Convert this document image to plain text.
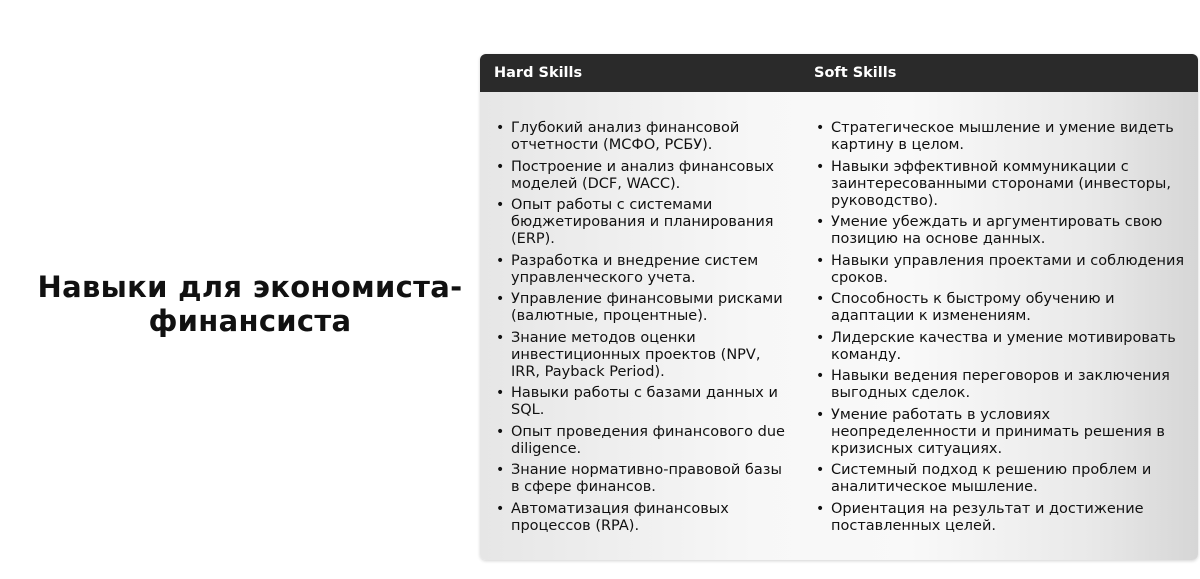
Навыки для экономиста-финансиста
Hard Skills	Soft Skills
• Глубокий анализ финансовой отчетности (МСФО, РСБУ).
• Построение и анализ финансовых моделей (DCF, WACC).
• Опыт работы с системами бюджетирования и планирования (ERP).
• Разработка и внедрение систем управленческого учета.
• Управление финансовыми рисками (валютные, процентные).
• Знание методов оценки инвестиционных проектов (NPV, IRR, Payback Period).
• Навыки работы с базами данных и SQL.
• Опыт проведения финансового due diligence.
• Знание нормативно-правовой базы в сфере финансов.
• Автоматизация финансовых процессов (RPA).
• Стратегическое мышление и умение видеть картину в целом.
• Навыки эффективной коммуникации с заинтересованными сторонами (инвесторы, руководство).
• Умение убеждать и аргументировать свою позицию на основе данных.
• Навыки управления проектами и соблюдения сроков.
• Способность к быстрому обучению и адаптации к изменениям.
• Лидерские качества и умение мотивировать команду.
• Навыки ведения переговоров и заключения выгодных сделок.
• Умение работать в условиях неопределенности и принимать решения в кризисных ситуациях.
• Системный подход к решению проблем и аналитическое мышление.
• Ориентация на результат и достижение поставленных целей.
